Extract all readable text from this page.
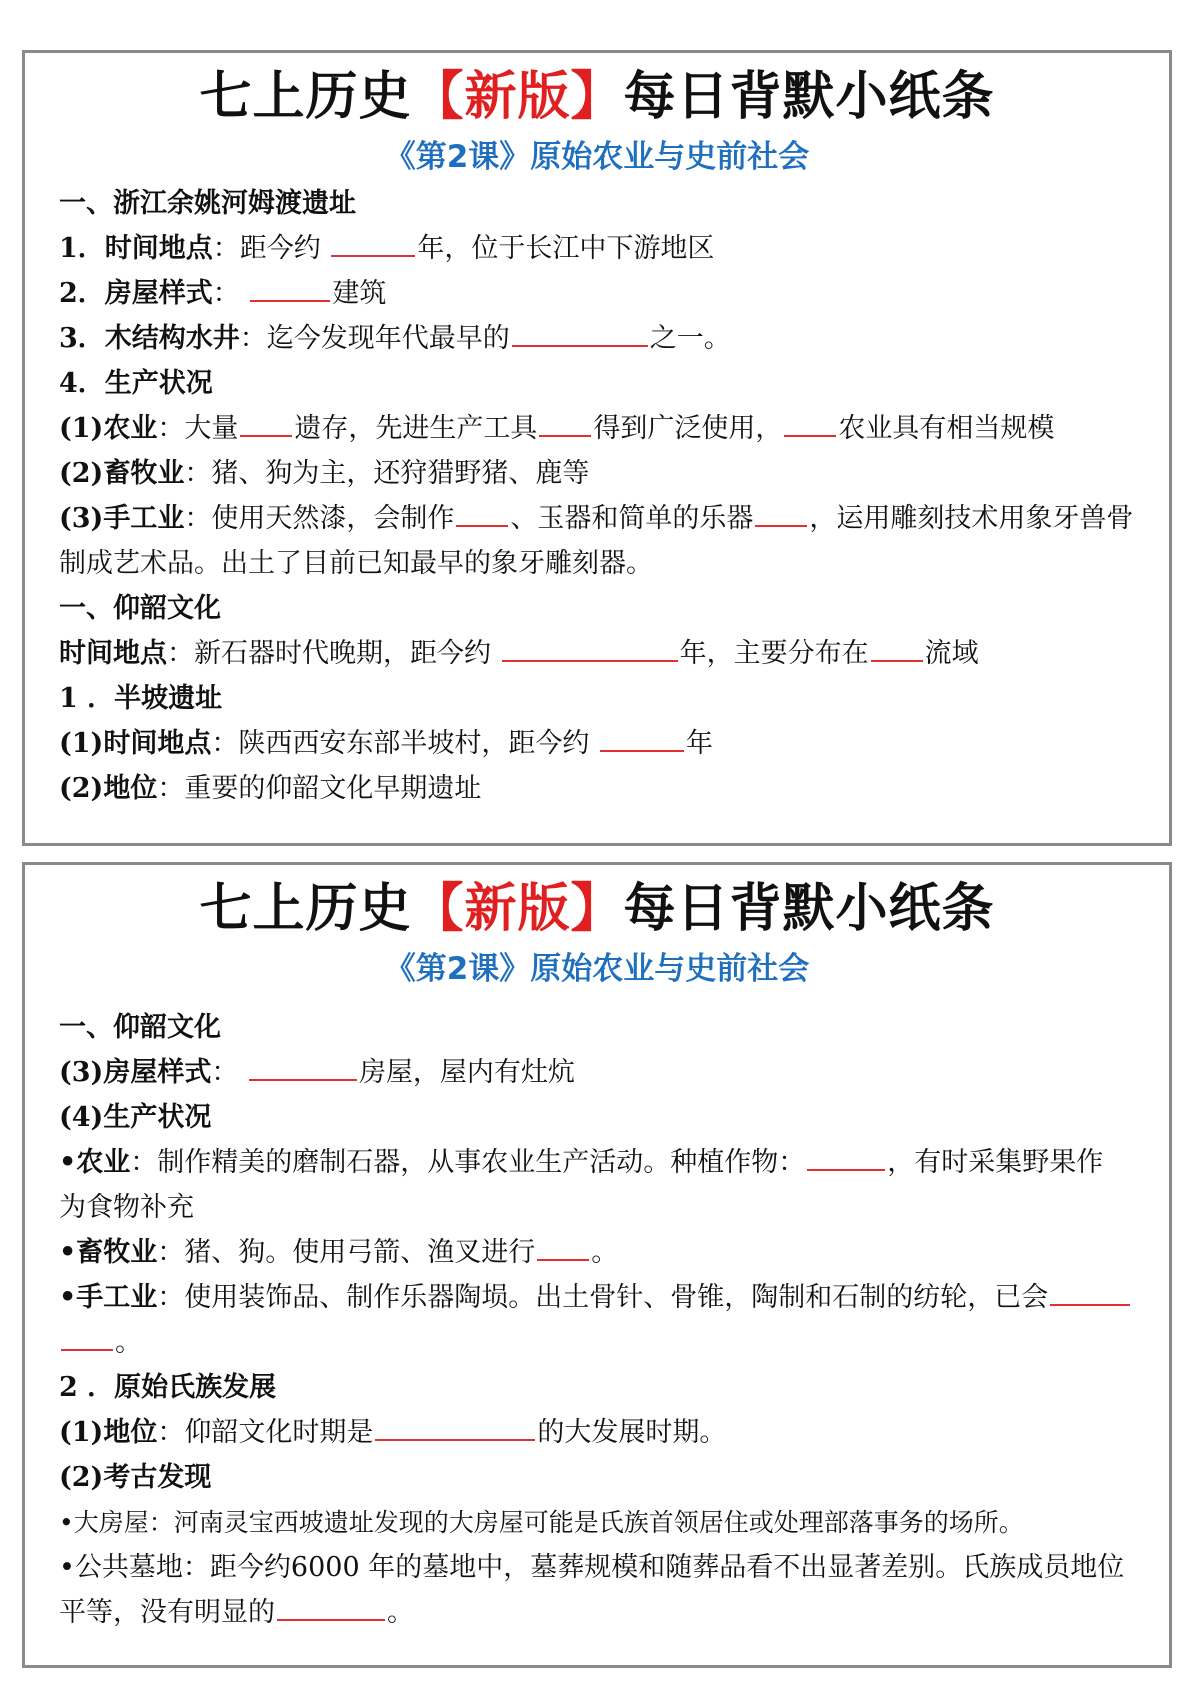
七上历史【新版】每日背默小纸条
《第2课》原始农业与史前社会
一、浙江余姚河姆渡遗址
1．时间地点：距今约	年，位于长江中下游地区
2．房屋样式：	建筑
3．木结构水井：迄今发现年代最早的	之一。
4．生产状况
(1)农业：大量 遗存，先进生产工具 得到广泛使用， 农业具有相当规模
(2)畜牧业：猪、狗为主，还狩猎野猪、鹿等
(3)手工业：使用天然漆，会制作 、玉器和简单的乐器 ，运用雕刻技术用象牙兽骨 制成艺术品。出土了目前已知最早的象牙雕刻器。
一、仰韶文化
时间地点：新石器时代晚期，距今约	年，主要分布在 流域
1 ．半坡遗址
(1)时间地点：陕西西安东部半坡村，距今约	年
(2)地位：重要的仰韶文化早期遗址
七上历史【新版】每日背默小纸条
《第2课》原始农业与史前社会
一、仰韶文化
(3)房屋样式：	房屋，屋内有灶炕
(4)生产状况
•农业：制作精美的磨制石器，从事农业生产活动。种植作物：	，有时采集野果作 为食物补充
•畜牧业：猪、狗。使用弓箭、渔叉进行 。
•手工业：使用装饰品、制作乐器陶埙。出土骨针、骨锥，陶制和石制的纺轮，已会 。
2 ．原始氏族发展
(1)地位：仰韶文化时期是	的大发展时期。
(2)考古发现
•大房屋：河南灵宝西坡遗址发现的大房屋可能是氏族首领居住或处理部落事务的场所。
•公共墓地：距今约6000 年的墓地中，墓葬规模和随葬品看不出显著差别。氏族成员地位平等，没有明显的	。
